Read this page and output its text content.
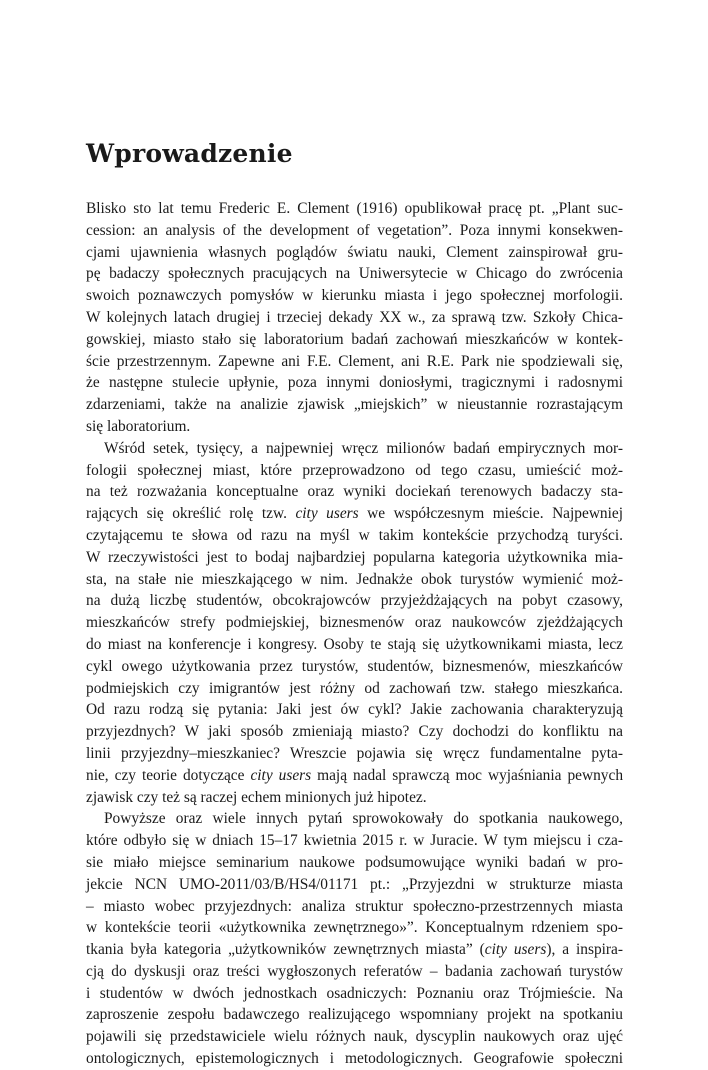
Wprowadzenie

Blisko sto lat temu Frederic E. Clement (1916) opublikował pracę pt. „Plant suc-
cession: an analysis of the development of vegetation”. Poza innymi konsekwen-
cjami ujawnienia własnych poglądów światu nauki, Clement zainspirował gru-
pę badaczy społecznych pracujących na Uniwersytecie w Chicago do zwrócenia
swoich poznawczych pomysłów w kierunku miasta i jego społecznej morfologii.
W kolejnych latach drugiej i trzeciej dekady XX w., za sprawą tzw. Szkoły Chica-
gowskiej, miasto stało się laboratorium badań zachowań mieszkańców w kontek-
ście przestrzennym. Zapewne ani F.E. Clement, ani R.E. Park nie spodziewali się,
że następne stulecie upłynie, poza innymi doniosłymi, tragicznymi i radosnymi
zdarzeniami, także na analizie zjawisk „miejskich” w nieustannie rozrastającym
się laboratorium.

Wśród setek, tysięcy, a najpewniej wręcz milionów badań empirycznych mor-
fologii społecznej miast, które przeprowadzono od tego czasu, umieścić moż-
na też rozważania konceptualne oraz wyniki dociekań terenowych badaczy sta-
rających się określić rolę tzw. city users we współczesnym mieście. Najpewniej
czytającemu te słowa od razu na myśl w takim kontekście przychodzą turyści.
W rzeczywistości jest to bodaj najbardziej popularna kategoria użytkownika mia-
sta, na stałe nie mieszkającego w nim. Jednakże obok turystów wymienić moż-
na dużą liczbę studentów, obcokrajowców przyjeżdżających na pobyt czasowy,
mieszkańców strefy podmiejskiej, biznesmenów oraz naukowców zjeżdżających
do miast na konferencje i kongresy. Osoby te stają się użytkownikami miasta, lecz
cykl owego użytkowania przez turystów, studentów, biznesmenów, mieszkańców
podmiejskich czy imigrantów jest różny od zachowań tzw. stałego mieszkańca.
Od razu rodzą się pytania: Jaki jest ów cykl? Jakie zachowania charakteryzują
przyjezdnych? W jaki sposób zmieniają miasto? Czy dochodzi do konfliktu na
linii przyjezdny–mieszkaniec? Wreszcie pojawia się wręcz fundamentalne pyta-
nie, czy teorie dotyczące city users mają nadal sprawczą moc wyjaśniania pewnych
zjawisk czy też są raczej echem minionych już hipotez.

Powyższe oraz wiele innych pytań sprowokowały do spotkania naukowego,
które odbyło się w dniach 15–17 kwietnia 2015 r. w Juracie. W tym miejscu i cza-
sie miało miejsce seminarium naukowe podsumowujące wyniki badań w pro-
jekcie NCN UMO-2011/03/B/HS4/01171 pt.: „Przyjezdni w strukturze miasta
– miasto wobec przyjezdnych: analiza struktur społeczno-przestrzennych miasta
w kontekście teorii «użytkownika zewnętrznego»”. Konceptualnym rdzeniem spo-
tkania była kategoria „użytkowników zewnętrznych miasta” (city users), a inspira-
cją do dyskusji oraz treści wygłoszonych referatów – badania zachowań turystów
i studentów w dwóch jednostkach osadniczych: Poznaniu oraz Trójmieście. Na
zaproszenie zespołu badawczego realizującego wspomniany projekt na spotkaniu
pojawili się przedstawiciele wielu różnych nauk, dyscyplin naukowych oraz ujęć
ontologicznych, epistemologicznych i metodologicznych. Geografowie społeczni
